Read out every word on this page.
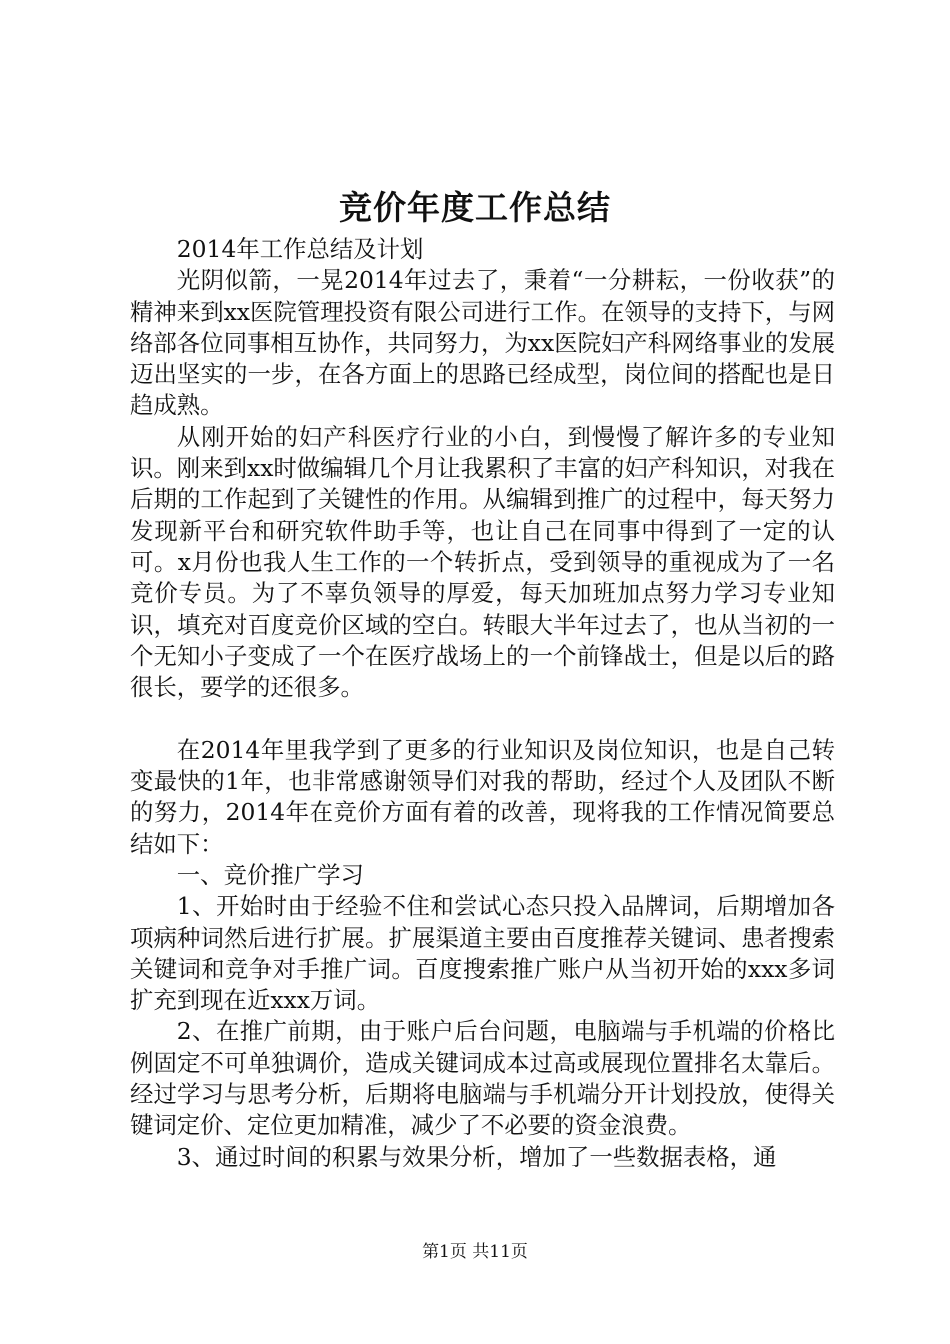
竞价年度工作总结

2014年工作总结及计划

光阴似箭，一晃2014年过去了，秉着“一分耕耘，一份收获”的精神来到xx医院管理投资有限公司进行工作。在领导的支持下，与网络部各位同事相互协作，共同努力，为xx医院妇产科网络事业的发展迈出坚实的一步，在各方面上的思路已经成型，岗位间的搭配也是日趋成熟。

从刚开始的妇产科医疗行业的小白，到慢慢了解许多的专业知识。刚来到xx时做编辑几个月让我累积了丰富的妇产科知识，对我在后期的工作起到了关键性的作用。从编辑到推广的过程中，每天努力发现新平台和研究软件助手等，也让自己在同事中得到了一定的认可。x月份也我人生工作的一个转折点，受到领导的重视成为了一名竞价专员。为了不辜负领导的厚爱，每天加班加点努力学习专业知识，填充对百度竞价区域的空白。转眼大半年过去了，也从当初的一个无知小子变成了一个在医疗战场上的一个前锋战士，但是以后的路很长，要学的还很多。

在2014年里我学到了更多的行业知识及岗位知识，也是自己转变最快的1年，也非常感谢领导们对我的帮助，经过个人及团队不断的努力，2014年在竞价方面有着的改善，现将我的工作情况简要总结如下：

一、竞价推广学习

1、开始时由于经验不住和尝试心态只投入品牌词，后期增加各项病种词然后进行扩展。扩展渠道主要由百度推荐关键词、患者搜索关键词和竞争对手推广词。百度搜索推广账户从当初开始的xxx多词扩充到现在近xxx万词。

2、在推广前期，由于账户后台问题，电脑端与手机端的价格比例固定不可单独调价，造成关键词成本过高或展现位置排名太靠后。经过学习与思考分析，后期将电脑端与手机端分开计划投放，使得关键词定价、定位更加精准，减少了不必要的资金浪费。

3、通过时间的积累与效果分析，增加了一些数据表格，通

第1页 共11页
